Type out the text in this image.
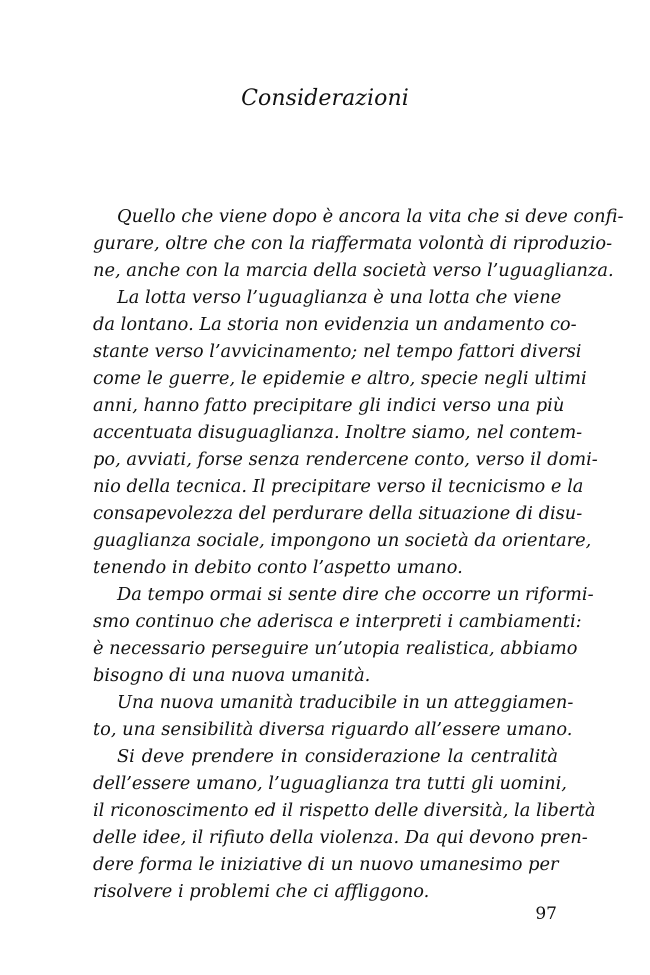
Considerazioni
Quello che viene dopo è ancora la vita che si deve confi-
gurare, oltre che con la riaffermata volontà di riproduzio-
ne, anche con la marcia della società verso l’uguaglianza.
La lotta verso l’uguaglianza è una lotta che viene
da lontano. La storia non evidenzia un andamento co-
stante verso l’avvicinamento; nel tempo fattori diversi
come le guerre, le epidemie e altro, specie negli ultimi
anni, hanno fatto precipitare gli indici verso una più
accentuata disuguaglianza. Inoltre siamo, nel contem-
po, avviati, forse senza rendercene conto, verso il domi-
nio della tecnica. Il precipitare verso il tecnicismo e la
consapevolezza del perdurare della situazione di disu-
guaglianza sociale, impongono un società da orientare,
tenendo in debito conto l’aspetto umano.
Da tempo ormai si sente dire che occorre un riformi-
smo continuo che aderisca e interpreti i cambiamenti:
è necessario perseguire un’utopia realistica, abbiamo
bisogno di una nuova umanità.
Una nuova umanità traducibile in un atteggiamen-
to, una sensibilità diversa riguardo all’essere umano.
Si deve prendere in considerazione la centralità
dell’essere umano, l’uguaglianza tra tutti gli uomini,
il riconoscimento ed il rispetto delle diversità, la libertà
delle idee, il rifiuto della violenza. Da qui devono pren-
dere forma le iniziative di un nuovo umanesimo per
risolvere i problemi che ci affliggono.
97
